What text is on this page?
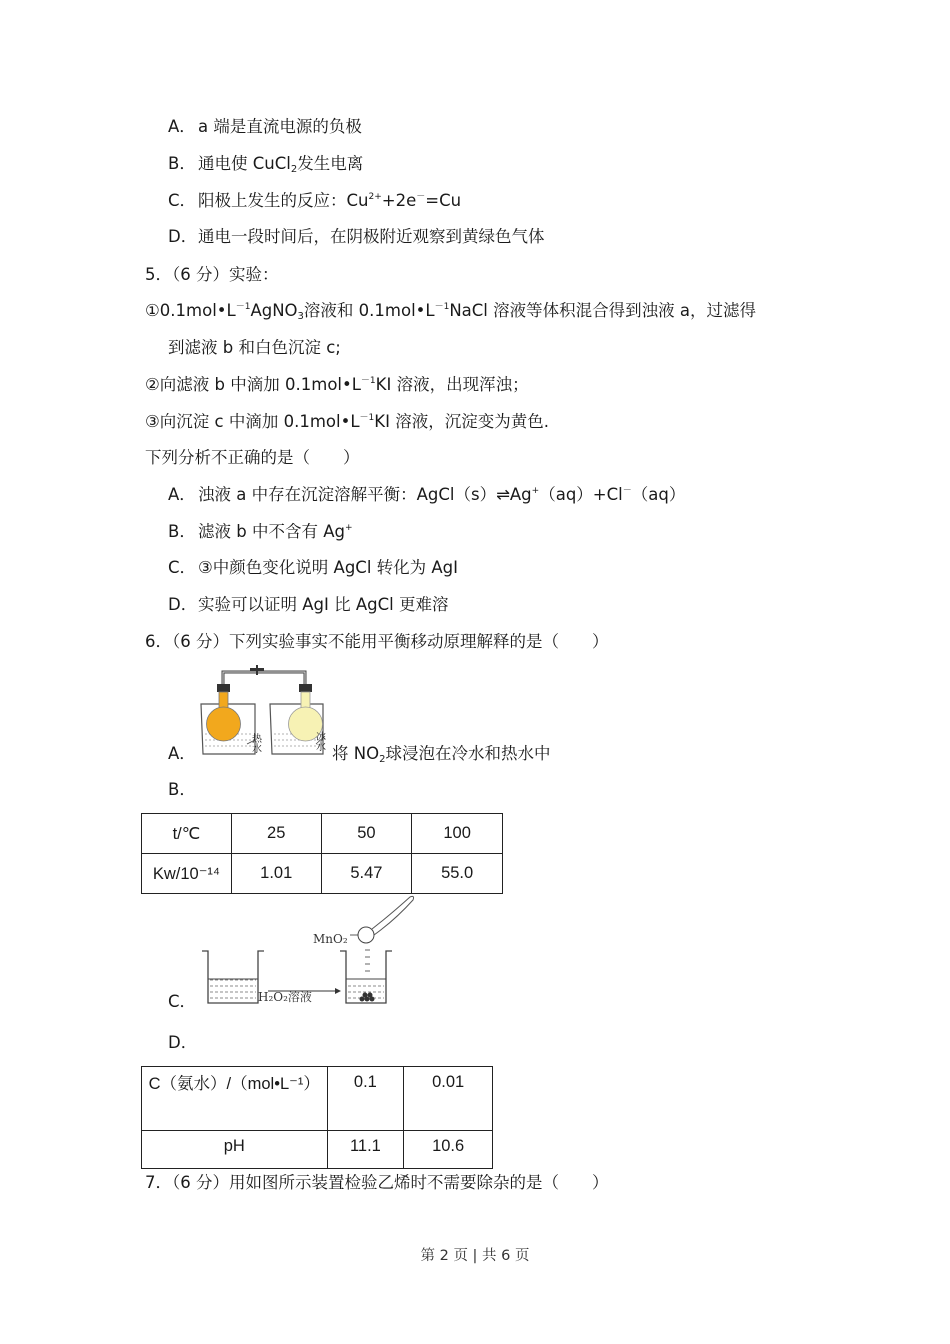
A． a 端是直流电源的负极
B． 通电使 CuCl$_2$发生电离
C． 阳极上发生的反应：$Cu^{2+}+2e^-=Cu$
D．通电一段时间后，在阴极附近观察到黄绿色气体
5．（6 分）实验：
$①0.1mol•L^{-1}AgNO_3$溶液和 $0.1mol•L^{-1}NaCl$ 溶液等体积混合得到浊液 a，过滤得
到滤液 b 和白色沉淀 c;
②向滤液 b 中滴加 $0.1mol•L^{-1}KI$ 溶液，出现浑浊；
③向沉淀 c 中滴加 $0.1mol•L^{-1}KI$ 溶液，沉淀变为黄色.
下列分析不正确的是（　　）
A． 浊液 a 中存在沉淀溶解平衡：AgCl（s）⇌Ag+（aq）+Cl－（aq）
B． 滤液 b 中不含有 Ag+
C． ③中颜色变化说明 AgCl 转化为 AgI
D．实验可以证明 AgI 比 AgCl 更难溶
6．（6 分）下列实验事实不能用平衡移动原理解释的是（　　）
热
水
冰
水
A．	将 $NO_2$球浸泡在冷水和热水中
B．
t/℃	25	50	100
Kw/10⁻¹⁴	1.01	5.47	55.0
MnO₂
H₂O₂溶液
C．
D．
C（氨水）/（mol•L⁻¹）	0.1	0.01
pH	11.1	10.6
7．（6 分）用如图所示装置检验乙烯时不需要除杂的是（　　）
第 2 页 | 共 6 页
